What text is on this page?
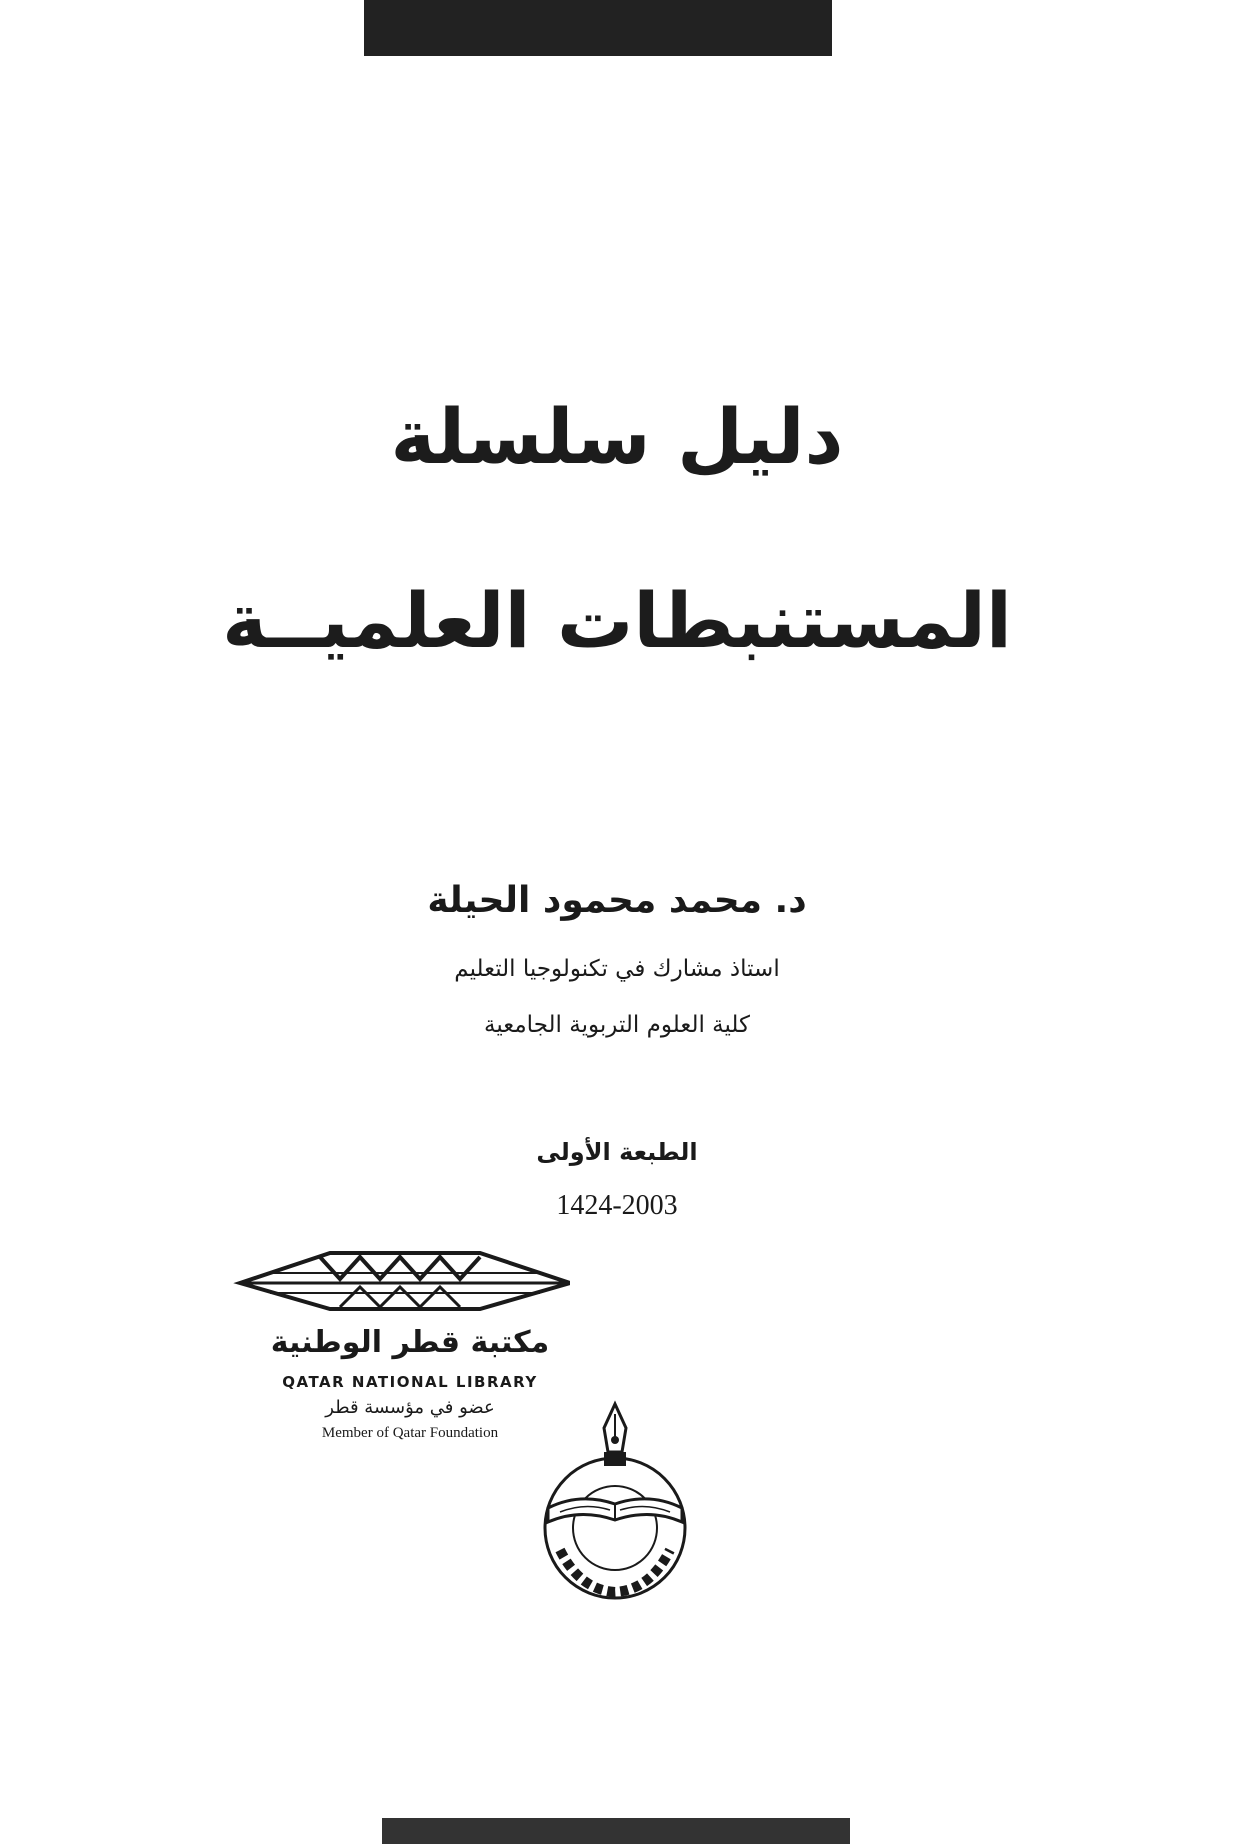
دليل سلسلة
المستنبطات العلميــة
د. محمد محمود الحيلة
استاذ مشارك في تكنولوجيا التعليم
كلية العلوم التربوية الجامعية
الطبعة الأولى
1424-2003
مكتبة قطر الوطنية
QATAR NATIONAL LIBRARY
عضو في مؤسسة قطر
Member of Qatar Foundation
